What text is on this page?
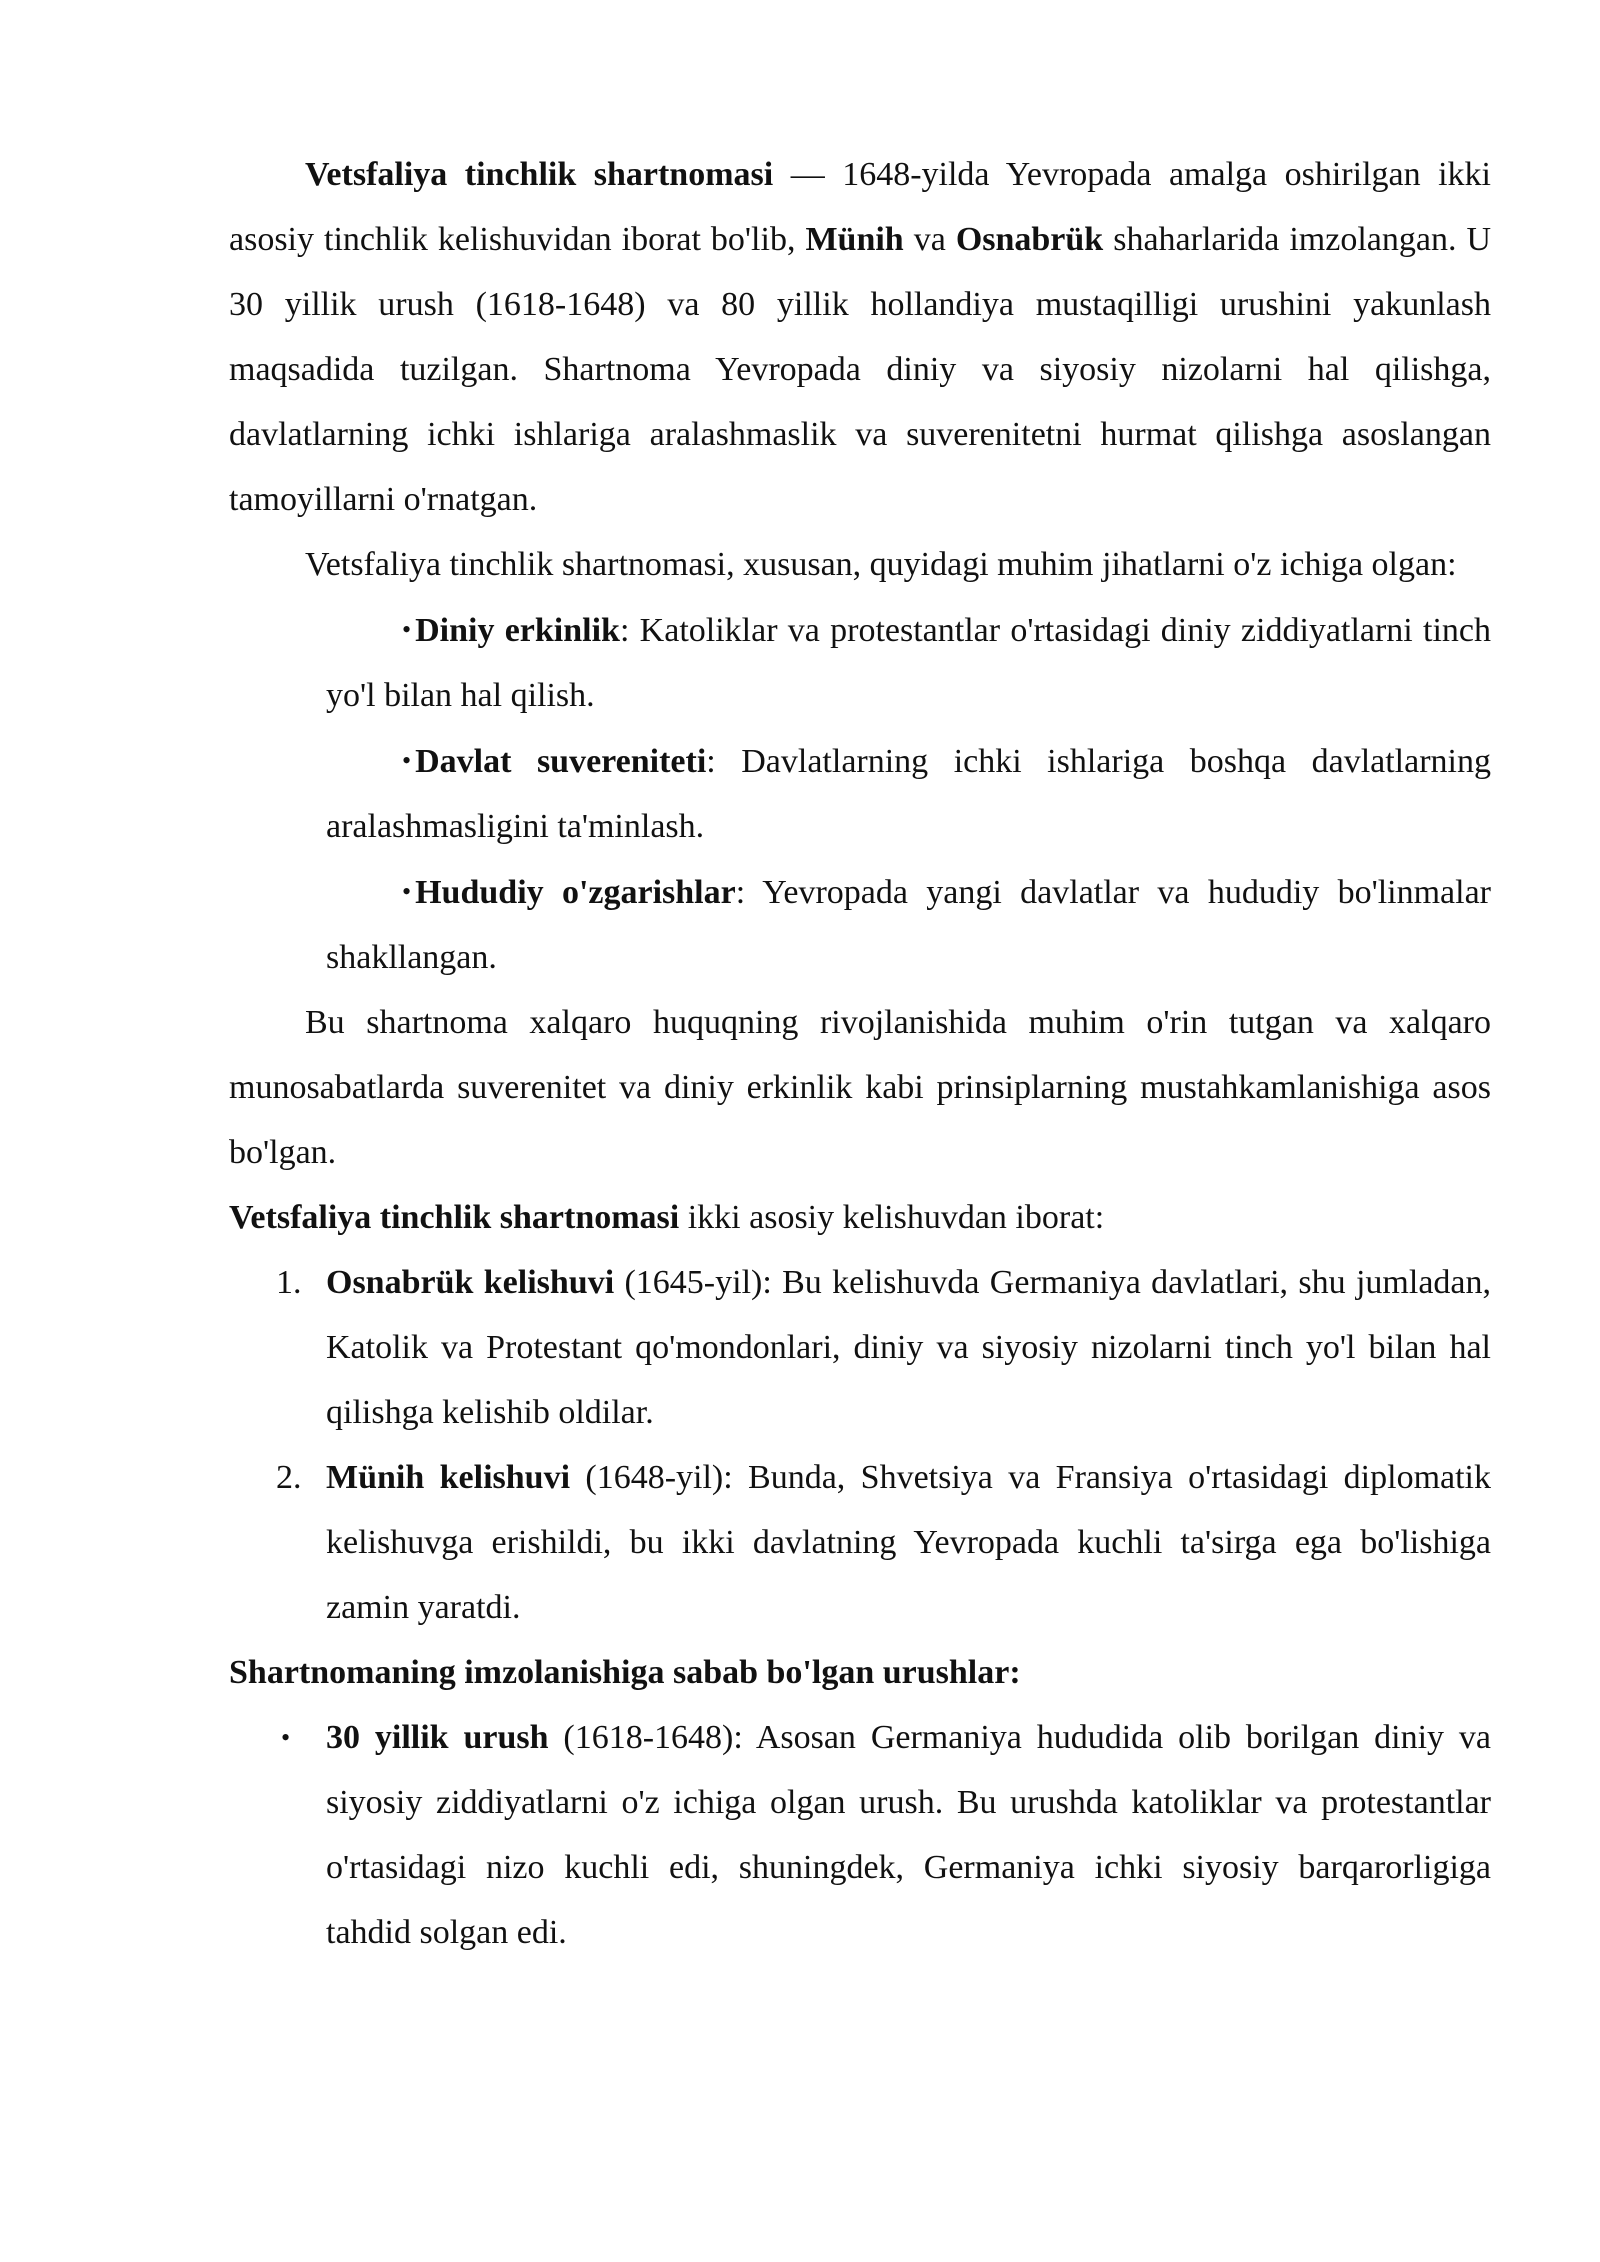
Vetsfaliya tinchlik shartnomasi — 1648-yilda Yevropada amalga oshirilgan ikki asosiy tinchlik kelishuvidan iborat bo'lib, Münih va Osnabrük shaharlarida imzolangan. U 30 yillik urush (1618-1648) va 80 yillik hollandiya mustaqilligi urushini yakunlash maqsadida tuzilgan. Shartnoma Yevropada diniy va siyosiy nizolarni hal qilishga, davlatlarning ichki ishlariga aralashmaslik va suverenitetni hurmat qilishga asoslangan tamoyillarni o'rnatgan.

Vetsfaliya tinchlik shartnomasi, xususan, quyidagi muhim jihatlarni o'z ichiga olgan:

• Diniy erkinlik: Katoliklar va protestantlar o'rtasidagi diniy ziddiyatlarni tinch yo'l bilan hal qilish.

• Davlat suvereniteti: Davlatlarning ichki ishlariga boshqa davlatlarning aralashmasligini ta'minlash.

• Hududiy o'zgarishlar: Yevropada yangi davlatlar va hududiy bo'linmalar shakllangan.

Bu shartnoma xalqaro huquqning rivojlanishida muhim o'rin tutgan va xalqaro munosabatlarda suverenitet va diniy erkinlik kabi prinsiplarning mustahkamlanishiga asos bo'lgan.

Vetsfaliya tinchlik shartnomasi ikki asosiy kelishuvdan iborat:

1. Osnabrük kelishuvi (1645-yil): Bu kelishuvda Germaniya davlatlari, shu jumladan, Katolik va Protestant qo'mondonlari, diniy va siyosiy nizolarni tinch yo'l bilan hal qilishga kelishib oldilar.

2. Münih kelishuvi (1648-yil): Bunda, Shvetsiya va Fransiya o'rtasidagi diplomatik kelishuvga erishildi, bu ikki davlatning Yevropada kuchli ta'sirga ega bo'lishiga zamin yaratdi.

Shartnomaning imzolanishiga sabab bo'lgan urushlar:

• 30 yillik urush (1618-1648): Asosan Germaniya hududida olib borilgan diniy va siyosiy ziddiyatlarni o'z ichiga olgan urush. Bu urushda katoliklar va protestantlar o'rtasidagi nizo kuchli edi, shuningdek, Germaniya ichki siyosiy barqarorligiga tahdid solgan edi.
